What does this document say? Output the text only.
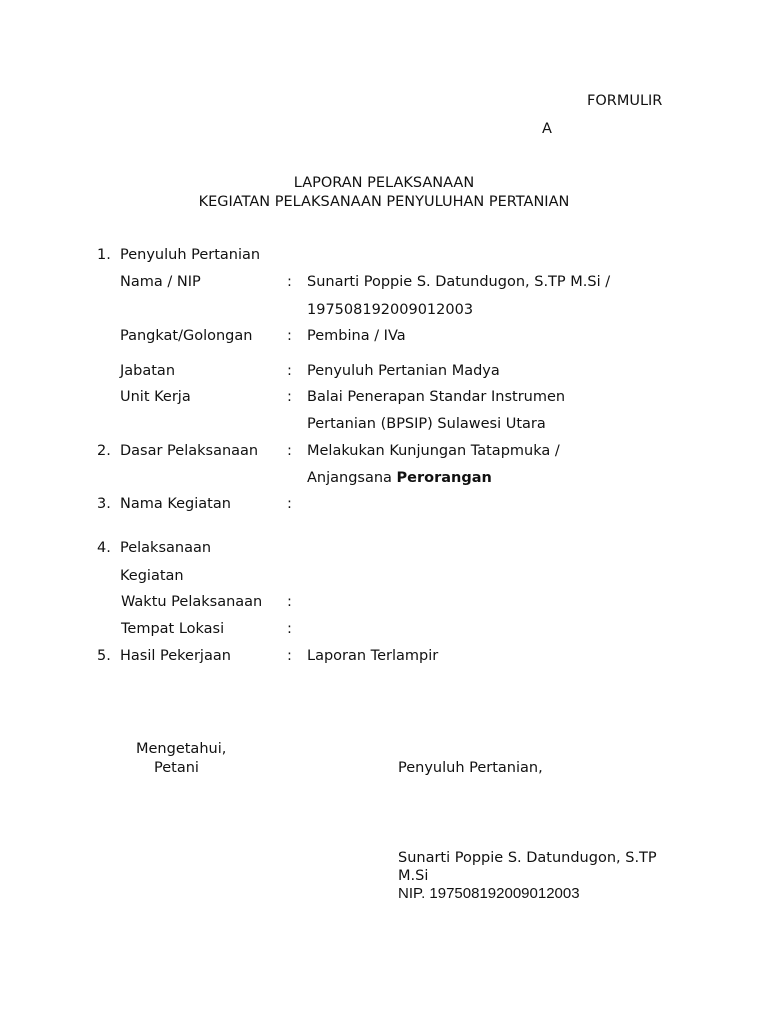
FORMULIR
A
LAPORAN PELAKSANAAN
KEGIATAN PELAKSANAAN PENYULUHAN PERTANIAN
1. Penyuluh Pertanian
Nama / NIP	: Sunarti Poppie S. Datundugon, S.TP M.Si /
197508192009012003
Pangkat/Golongan : Pembina / IVa
Jabatan	: Penyuluh Pertanian Madya
Unit Kerja	: Balai Penerapan Standar Instrumen
Pertanian (BPSIP) Sulawesi Utara
2. Dasar Pelaksanaan : Melakukan Kunjungan Tatapmuka /
Anjangsana Perorangan
3. Nama Kegiatan	:
4. Pelaksanaan
Kegiatan
Waktu Pelaksanaan :
Tempat Lokasi	:
5. Hasil Pekerjaan	: Laporan Terlampir
Mengetahui,
Petani	Penyuluh Pertanian,
Sunarti Poppie S. Datundugon, S.TP
M.Si
NIP. 197508192009012003
